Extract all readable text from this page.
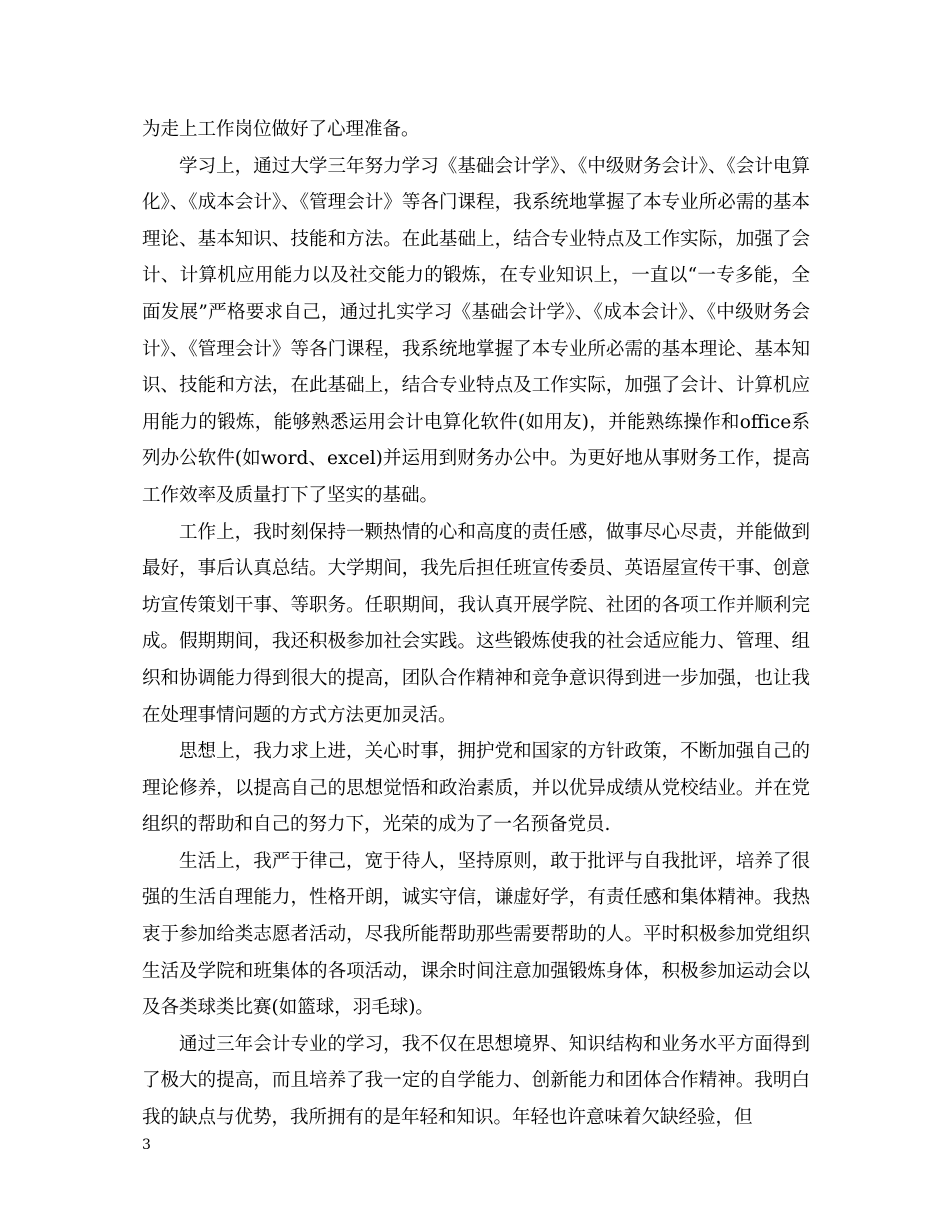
为走上工作岗位做好了心理准备。

学习上，通过大学三年努力学习《基础会计学》、《中级财务会计》、《会计电算化》、《成本会计》、《管理会计》等各门课程，我系统地掌握了本专业所必需的基本理论、基本知识、技能和方法。在此基础上，结合专业特点及工作实际，加强了会计、计算机应用能力以及社交能力的锻炼，在专业知识上，一直以“一专多能，全面发展”严格要求自己，通过扎实学习《基础会计学》、《成本会计》、《中级财务会计》、《管理会计》等各门课程，我系统地掌握了本专业所必需的基本理论、基本知识、技能和方法，在此基础上，结合专业特点及工作实际，加强了会计、计算机应用能力的锻炼，能够熟悉运用会计电算化软件(如用友)，并能熟练操作和office系列办公软件(如word、excel)并运用到财务办公中。为更好地从事财务工作，提高工作效率及质量打下了坚实的基础。

工作上，我时刻保持一颗热情的心和高度的责任感，做事尽心尽责，并能做到最好，事后认真总结。大学期间，我先后担任班宣传委员、英语屋宣传干事、创意坊宣传策划干事、等职务。任职期间，我认真开展学院、社团的各项工作并顺利完成。假期期间，我还积极参加社会实践。这些锻炼使我的社会适应能力、管理、组织和协调能力得到很大的提高，团队合作精神和竞争意识得到进一步加强，也让我在处理事情问题的方式方法更加灵活。

思想上，我力求上进，关心时事，拥护党和国家的方针政策，不断加强自己的理论修养，以提高自己的思想觉悟和政治素质，并以优异成绩从党校结业。并在党组织的帮助和自己的努力下，光荣的成为了一名预备党员.

生活上，我严于律己，宽于待人，坚持原则，敢于批评与自我批评，培养了很强的生活自理能力，性格开朗，诚实守信，谦虚好学，有责任感和集体精神。我热衷于参加给类志愿者活动，尽我所能帮助那些需要帮助的人。平时积极参加党组织生活及学院和班集体的各项活动，课余时间注意加强锻炼身体，积极参加运动会以及各类球类比赛(如篮球，羽毛球)。

通过三年会计专业的学习，我不仅在思想境界、知识结构和业务水平方面得到了极大的提高，而且培养了我一定的自学能力、创新能力和团体合作精神。我明白我的缺点与优势，我所拥有的是年轻和知识。年轻也许意味着欠缺经验，但

3
